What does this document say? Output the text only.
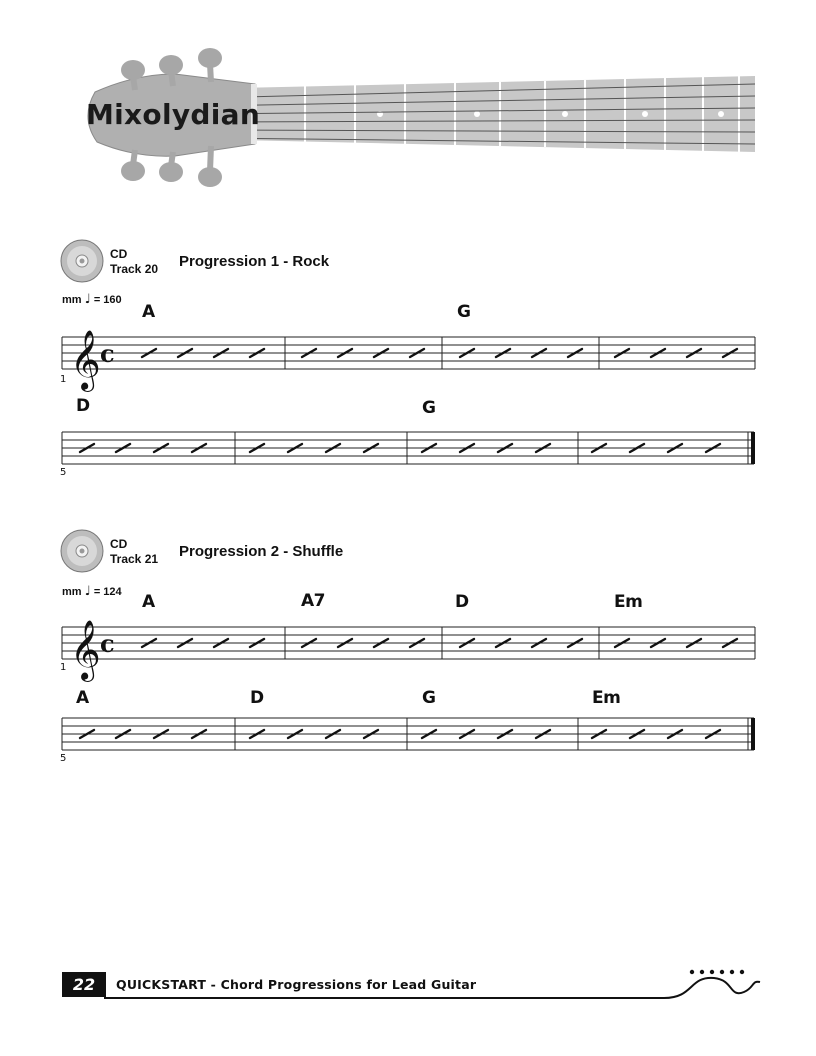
Mixolydian
CD
Track 20 Progression 1 - Rock
mm ♩ = 160
A	G
𝄞 c
1
D	G
5
CD
Track 21 Progression 2 - Shuffle
mm ♩ = 124 A	A7	D	Em
𝄞 c
1
A	D	G	Em
5
22	QUICKSTART - Chord Progressions for Lead Guitar
